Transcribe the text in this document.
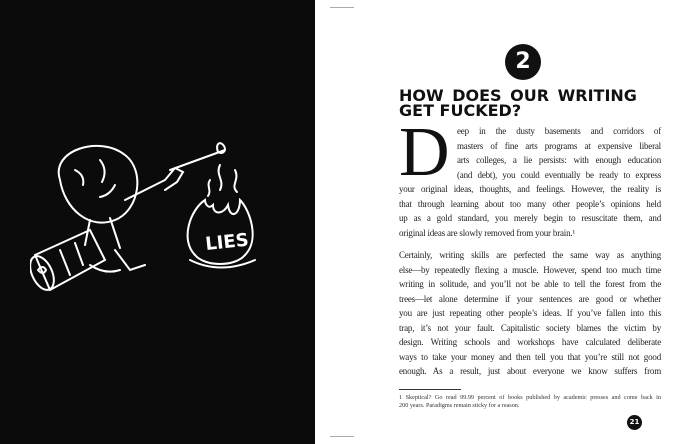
LIES
2
HOW DOES OUR WRITING
GET FUCKED?
D eep in the dusty basements and corridors of
masters of fine arts programs at expensive liberal
arts colleges, a lie persists: with enough education
(and debt), you could eventually be ready to express
your original ideas, thoughts, and feelings. However, the reality is
that through learning about too many other people’s opinions held
up as a gold standard, you merely begin to resuscitate them, and
original ideas are slowly removed from your brain.¹
Certainly, writing skills are perfected the same way as anything
else—by repeatedly flexing a muscle. However, spend too much time
writing in solitude, and you’ll not be able to tell the forest from the
trees—let alone determine if your sentences are good or whether
you are just repeating other people’s ideas. If you’ve fallen into this
trap, it’s not your fault. Capitalistic society blames the victim by
design. Writing schools and workshops have calculated deliberate
ways to take your money and then tell you that you’re still not good
enough. As a result, just about everyone we know suffers from
1 Skeptical? Go read 99.99 percent of books published by academic presses and come back in
200 years. Paradigms remain sticky for a reason.
21
